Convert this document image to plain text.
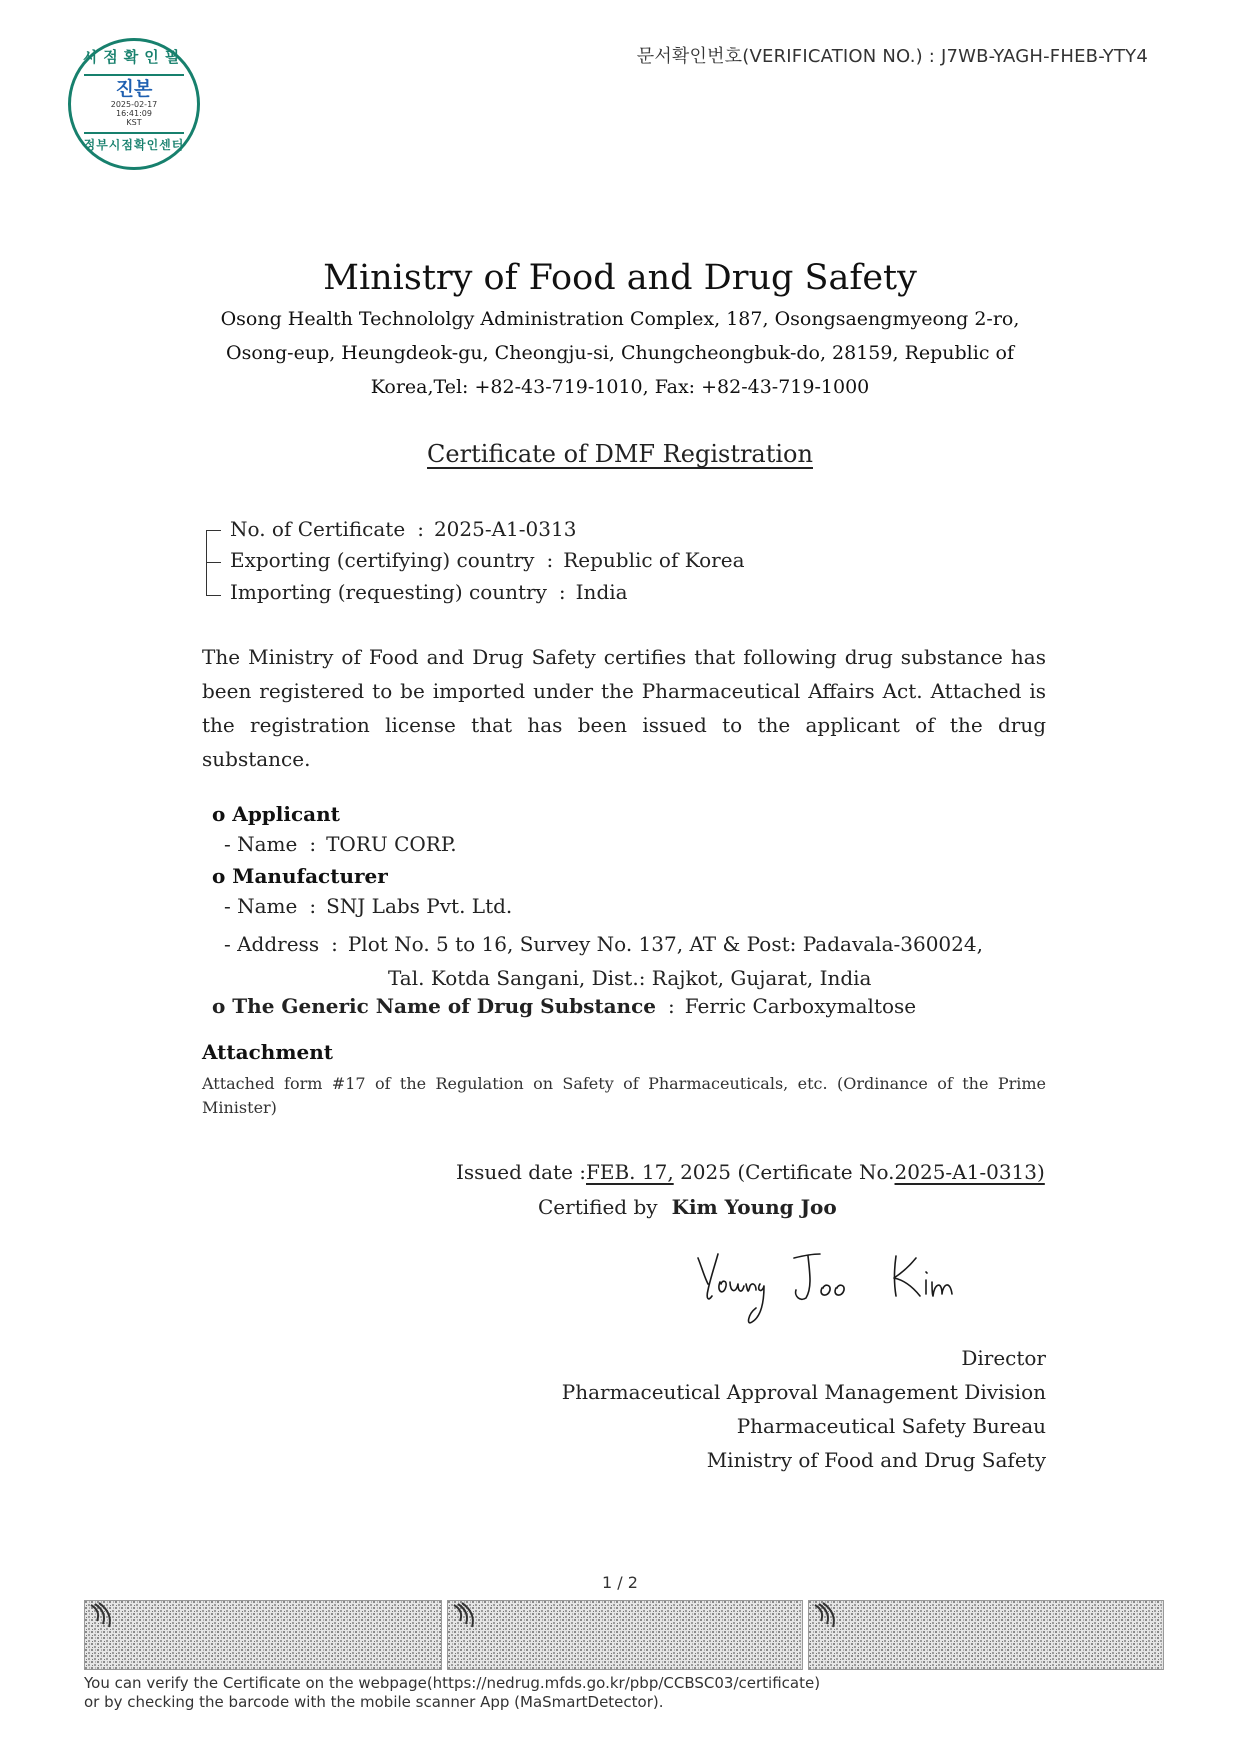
시점확인필
진본
2025-02-17
16:41:09
KST
정부시점확인센터
문서확인번호(VERIFICATION NO.) : J7WB-YAGH-FHEB-YTY4
Ministry of Food and Drug Safety
Osong Health Technololgy Administration Complex, 187, Osongsaengmyeong 2-ro,
Osong-eup, Heungdeok-gu, Cheongju-si, Chungcheongbuk-do, 28159, Republic of
Korea,Tel: +82-43-719-1010, Fax: +82-43-719-1000
Certificate of DMF Registration
No. of Certificate : 2025-A1-0313
Exporting (certifying) country : Republic of Korea
Importing (requesting) country : India
The Ministry of Food and Drug Safety certifies that following drug substance has been registered to be imported under the Pharmaceutical Affairs Act. Attached is the registration license that has been issued to the applicant of the drug substance.
o Applicant
- Name : TORU CORP.
o Manufacturer
- Name : SNJ Labs Pvt. Ltd.
- Address : Plot No. 5 to 16, Survey No. 137, AT & Post: Padavala-360024,
Tal. Kotda Sangani, Dist.: Rajkot, Gujarat, India
o The Generic Name of Drug Substance : Ferric Carboxymaltose
Attachment
Attached form #17 of the Regulation on Safety of Pharmaceuticals, etc. (Ordinance of the Prime Minister)
Issued date :FEB. 17, 2025 (Certificate No.2025-A1-0313)
Certified by Kim Young Joo
Director
Pharmaceutical Approval Management Division
Pharmaceutical Safety Bureau
Ministry of Food and Drug Safety
1 / 2
You can verify the Certificate on the webpage(https://nedrug.mfds.go.kr/pbp/CCBSC03/certificate)
or by checking the barcode with the mobile scanner App (MaSmartDetector).
